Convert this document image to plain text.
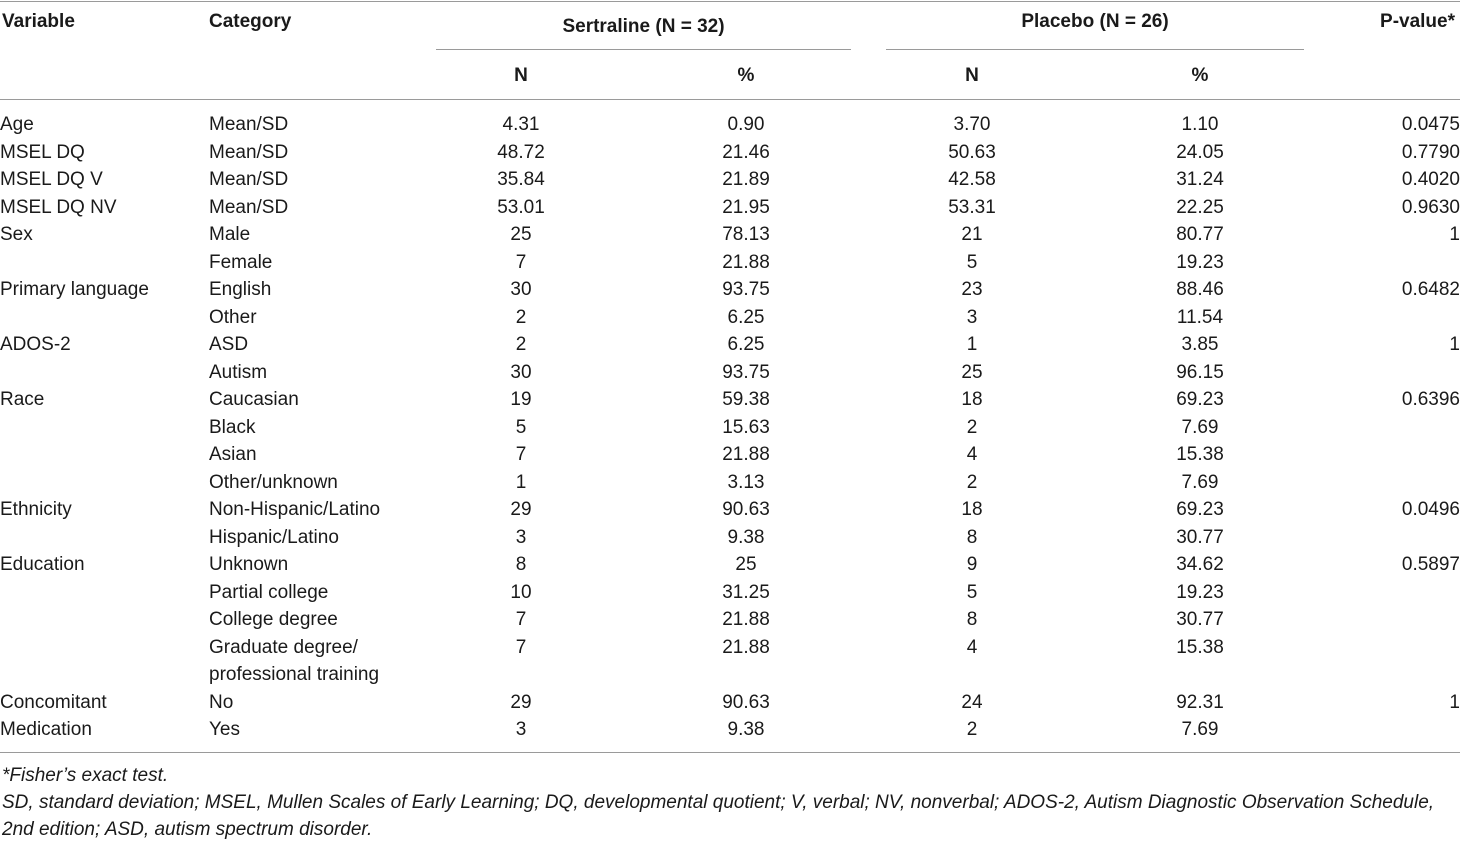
Variable	Category	Sertraline (N = 32)	Placebo (N = 26)	P-value*
N	%	N	%
Age	Mean/SD	4.31	0.90	3.70	1.10	0.0475
MSEL DQ	Mean/SD	48.72	21.46	50.63	24.05	0.7790
MSEL DQ V	Mean/SD	35.84	21.89	42.58	31.24	0.4020
MSEL DQ NV	Mean/SD	53.01	21.95	53.31	22.25	0.9630
Sex	Male	25	78.13	21	80.77	1
	Female	7	21.88	5	19.23	

Primary language	English	30	93.75	23	88.46	0.6482
	Other	2	6.25	3	11.54	

ADOS-2	ASD	2	6.25	1	3.85	1
	Autism	30	93.75	25	96.15	

Race	Caucasian	19	59.38	18	69.23	0.6396
	Black	5	15.63	2	7.69	

	Asian	7	21.88	4	15.38	

	Other/unknown	1	3.13	2	7.69	

Ethnicity	Non-Hispanic/Latino	29	90.63	18	69.23	0.0496
	Hispanic/Latino	3	9.38	8	30.77	

Education	Unknown	8	25	9	34.62	0.5897
	Partial college	10	31.25	5	19.23	

	College degree	7	21.88	8	30.77	

	Graduate degree/	7	21.88	4	15.38	

	professional training	

Concomitant	No	29	90.63	24	92.31	1
Medication	Yes	3	9.38	2	7.69	

*Fisher’s exact test.

SD, standard deviation; MSEL, Mullen Scales of Early Learning; DQ, developmental quotient; V, verbal; NV, nonverbal; ADOS-2, Autism Diagnostic Observation Schedule, 2nd edition; ASD, autism spectrum disorder.
